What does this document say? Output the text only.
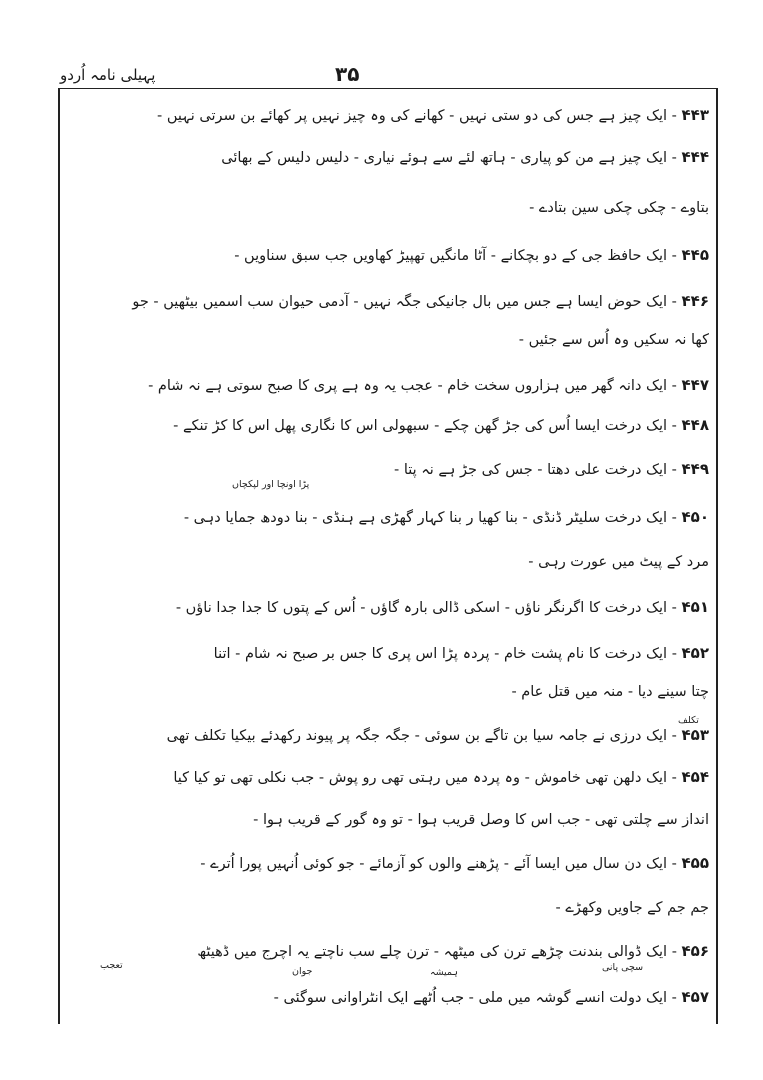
پہیلی نامہ اُردو	۳۵
۴۴۳ - ایک چیز ہے جس کی دو ستی نہیں - کھانے کی وہ چیز نہیں پر کھائے بن سرتی نہیں -
۴۴۴ - ایک چیز ہے من کو پیاری - ہاتھ لئے سے ہوئے نیاری - دلیس دلیس کے بھائی
بتاوے - چکی چکی سین بتادے -
۴۴۵ - ایک حافظ جی کے دو بچکانے - آٹا مانگیں تھپیڑ کھاویں جب سبق سناویں -
۴۴۶ - ایک حوض ایسا ہے جس میں بال جانیکی جگہ نہیں - آدمی حیوان سب اسمیں بیٹھیں - جو
کھا نہ سکیں وہ اُس سے جئیں -
۴۴۷ - ایک دانہ گھر میں ہزاروں سخت خام - عجب یہ وہ ہے پری کا صبح سوتی ہے نہ شام -
۴۴۸ - ایک درخت ایسا اُس کی جڑ گھن چکے - سبھولی اس کا نگاری پھل اس کا کڑ تنکے -
۴۴۹ - ایک درخت علی دھتا - جس کی جڑ ہے نہ پتا -
۴۵۰ - ایک درخت سلیٹر ڈنڈی - بنا کھیا ر بنا کہار گھڑی ہے ہنڈی - بنا دودھ جمایا دہی -
مرد کے پیٹ میں عورت رہی -
۴۵۱ - ایک درخت کا اگرنگر ناؤں - اسکی ڈالی بارہ گاؤں - اُس کے پتوں کا جدا جدا ناؤں -
۴۵۲ - ایک درخت کا نام پشت خام - پردہ پڑا اس پری کا جس بر صبح نہ شام - اتنا
چتا سینے دیا - منہ میں قتل عام -
۴۵۳ - ایک درزی نے جامہ سیا بن تاگے بن سوئی - جگہ جگہ پر پیوند رکھدئے بیکیا تکلف تھی
۴۵۴ - ایک دلھن تھی خاموش - وہ پردہ میں رہتی تھی رو پوش - جب نکلی تھی تو کیا کیا
انداز سے چلتی تھی - جب اس کا وصل قریب ہوا - تو وہ گور کے قریب ہوا -
۴۵۵ - ایک دن سال میں ایسا آئے - پڑھنے والوں کو آزمائے - جو کوئی اُنہیں پورا اُترے -
جم جم کے جاویں وکھڑے -
۴۵۶ - ایک ڈوالی بندنت چڑھے ترن کی میٹھہ - ترن چلے سب ناچتے یہ اچرج میں ڈھیٹھ
۴۵۷ - ایک دولت انسے گوشہ میں ملی - جب اُٹھے ایک انٹراوانی سوگئی -
پڑا اونچا اور لپکچاں
تکلف
سچی پانی
ہمیشہ
جوان
تعجب
